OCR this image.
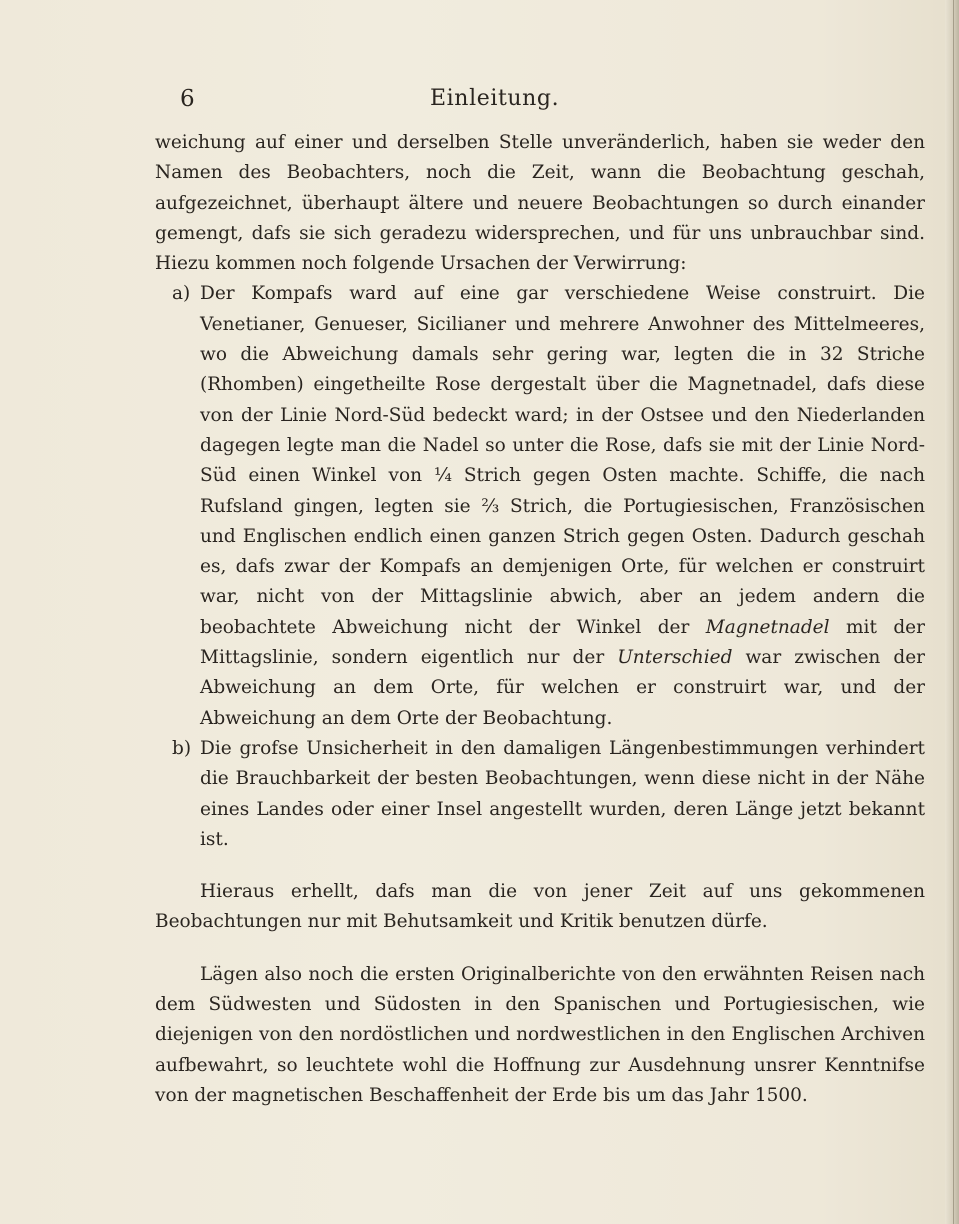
6	Einleitung.

weichung auf einer und derselben Stelle unveränderlich, haben sie weder den Namen des Beobachters, noch die Zeit, wann die Beobachtung geschah, aufgezeichnet, überhaupt ältere und neuere Beobachtungen so durch einander gemengt, dafs sie sich geradezu widersprechen, und für uns unbrauchbar sind. Hiezu kommen noch folgende Ursachen der Verwirrung:

a) Der Kompafs ward auf eine gar verschiedene Weise construirt. Die Venetianer, Genueser, Sicilianer und mehrere Anwohner des Mittelmeeres, wo die Abweichung damals sehr gering war, legten die in 32 Striche (Rhomben) eingetheilte Rose dergestalt über die Magnetnadel, dafs diese von der Linie Nord-Süd bedeckt ward; in der Ostsee und den Niederlanden dagegen legte man die Nadel so unter die Rose, dafs sie mit der Linie Nord-Süd einen Winkel von ¼ Strich gegen Osten machte. Schiffe, die nach Rufsland gingen, legten sie ⅔ Strich, die Portugiesischen, Französischen und Englischen endlich einen ganzen Strich gegen Osten. Dadurch geschah es, dafs zwar der Kompafs an demjenigen Orte, für welchen er construirt war, nicht von der Mittagslinie abwich, aber an jedem andern die beobachtete Abweichung nicht der Winkel der Magnetnadel mit der Mittagslinie, sondern eigentlich nur der Unterschied war zwischen der Abweichung an dem Orte, für welchen er construirt war, und der Abweichung an dem Orte der Beobachtung.
b) Die grofse Unsicherheit in den damaligen Längenbestimmungen verhindert die Brauchbarkeit der besten Beobachtungen, wenn diese nicht in der Nähe eines Landes oder einer Insel angestellt wurden, deren Länge jetzt bekannt ist.

Hieraus erhellt, dafs man die von jener Zeit auf uns gekommenen Beobachtungen nur mit Behutsamkeit und Kritik benutzen dürfe.

Lägen also noch die ersten Originalberichte von den erwähnten Reisen nach dem Südwesten und Südosten in den Spanischen und Portugiesischen, wie diejenigen von den nordöstlichen und nordwestlichen in den Englischen Archiven aufbewahrt, so leuchtete wohl die Hoffnung zur Ausdehnung unsrer Kenntnifse von der magnetischen Beschaffenheit der Erde bis um das Jahr 1500.
